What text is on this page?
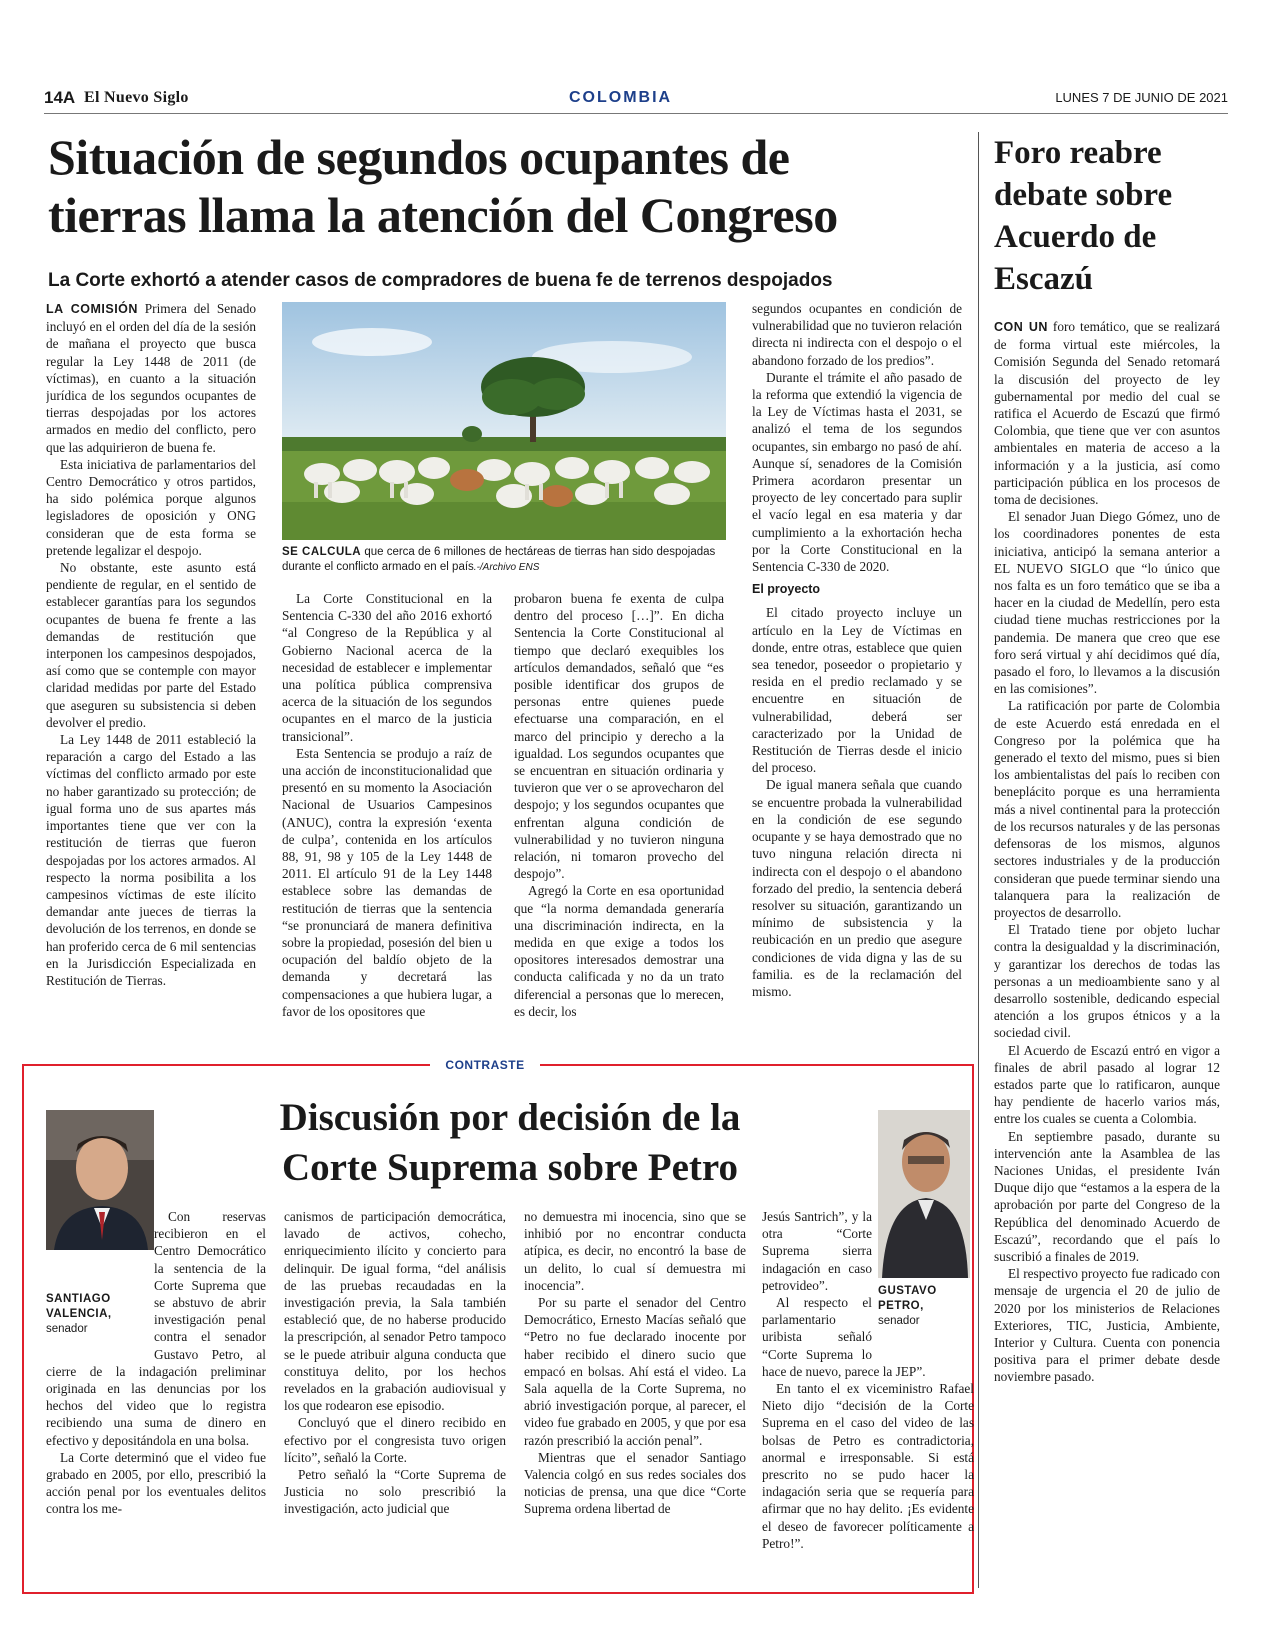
14A El Nuevo Siglo	COLOMBIA	LUNES 7 DE JUNIO DE 2021
Situación de segundos ocupantes de tierras llama la atención del Congreso
La Corte exhortó a atender casos de compradores de buena fe de terrenos despojados

LA COMISIÓN Primera del Senado incluyó en el orden del día de la sesión de mañana el proyecto que busca regular la Ley 1448 de 2011 (de víctimas), en cuanto a la situación jurídica de los segundos ocupantes de tierras despojadas por los actores armados en medio del conflicto, pero que las adquirieron de buena fe.

Esta iniciativa de parlamentarios del Centro Democrático y otros partidos, ha sido polémica porque algunos legisladores de oposición y ONG consideran que de esta forma se pretende legalizar el despojo.

No obstante, este asunto está pendiente de regular, en el sentido de establecer garantías para los segundos ocupantes de buena fe frente a las demandas de restitución que interponen los campesinos despojados, así como que se contemple con mayor claridad medidas por parte del Estado que aseguren su subsistencia si deben devolver el predio.

La Ley 1448 de 2011 estableció la reparación a cargo del Estado a las víctimas del conflicto armado por este no haber garantizado su protección; de igual forma uno de sus apartes más importantes tiene que ver con la restitución de tierras que fueron despojadas por los actores armados. Al respecto la norma posibilita a los campesinos víctimas de este ilícito demandar ante jueces de tierras la devolución de los terrenos, en donde se han proferido cerca de 6 mil sentencias en la Jurisdicción Especializada en Restitución de Tierras.

SE CALCULA que cerca de 6 millones de hectáreas de tierras han sido despojadas durante el conflicto armado en el país.-/Archivo ENS

La Corte Constitucional en la Sentencia C-330 del año 2016 exhortó “al Congreso de la República y al Gobierno Nacional acerca de la necesidad de establecer e implementar una política pública comprensiva acerca de la situación de los segundos ocupantes en el marco de la justicia transicional”.

Esta Sentencia se produjo a raíz de una acción de inconstitucionalidad que presentó en su momento la Asociación Nacional de Usuarios Campesinos (ANUC), contra la expresión ‘exenta de culpa’, contenida en los artículos 88, 91, 98 y 105 de la Ley 1448 de 2011. El artículo 91 de la Ley 1448 establece sobre las demandas de restitución de tierras que la sentencia “se pronunciará de manera definitiva sobre la propiedad, posesión del bien u ocupación del baldío objeto de la demanda y decretará las compensaciones a que hubiera lugar, a favor de los opositores que

probaron buena fe exenta de culpa dentro del proceso […]”. En dicha Sentencia la Corte Constitucional al tiempo que declaró exequibles los artículos demandados, señaló que “es posible identificar dos grupos de personas entre quienes puede efectuarse una comparación, en el marco del principio y derecho a la igualdad. Los segundos ocupantes que se encuentran en situación ordinaria y tuvieron que ver o se aprovecharon del despojo; y los segundos ocupantes que enfrentan alguna condición de vulnerabilidad y no tuvieron ninguna relación, ni tomaron provecho del despojo”.

Agregó la Corte en esa oportunidad que “la norma demandada generaría una discriminación indirecta, en la medida en que exige a todos los opositores interesados demostrar una conducta calificada y no da un trato diferencial a personas que lo merecen, es decir, los

segundos ocupantes en condición de vulnerabilidad que no tuvieron relación directa ni indirecta con el despojo o el abandono forzado de los predios”.

Durante el trámite el año pasado de la reforma que extendió la vigencia de la Ley de Víctimas hasta el 2031, se analizó el tema de los segundos ocupantes, sin embargo no pasó de ahí. Aunque sí, senadores de la Comisión Primera acordaron presentar un proyecto de ley concertado para suplir el vacío legal en esa materia y dar cumplimiento a la exhortación hecha por la Corte Constitucional en la Sentencia C-330 de 2020.

El proyecto

El citado proyecto incluye un artículo en la Ley de Víctimas en donde, entre otras, establece que quien sea tenedor, poseedor o propietario y resida en el predio reclamado y se encuentre en situación de vulnerabilidad, deberá ser caracterizado por la Unidad de Restitución de Tierras desde el inicio del proceso.

De igual manera señala que cuando se encuentre probada la vulnerabilidad en la condición de ese segundo ocupante y se haya demostrado que no tuvo ninguna relación directa ni indirecta con el despojo o el abandono forzado del predio, la sentencia deberá resolver su situación, garantizando un mínimo de subsistencia y la reubicación en un predio que asegure condiciones de vida digna y las de su familia. es de la reclamación del mismo.

Foro reabre debate sobre Acuerdo de Escazú

CON UN foro temático, que se realizará de forma virtual este miércoles, la Comisión Segunda del Senado retomará la discusión del proyecto de ley gubernamental por medio del cual se ratifica el Acuerdo de Escazú que firmó Colombia, que tiene que ver con asuntos ambientales en materia de acceso a la información y a la justicia, así como participación pública en los procesos de toma de decisiones.

El senador Juan Diego Gómez, uno de los coordinadores ponentes de esta iniciativa, anticipó la semana anterior a EL NUEVO SIGLO que “lo único que nos falta es un foro temático que se iba a hacer en la ciudad de Medellín, pero esta ciudad tiene muchas restricciones por la pandemia. De manera que creo que ese foro será virtual y ahí decidimos qué día, pasado el foro, lo llevamos a la discusión en las comisiones”.

La ratificación por parte de Colombia de este Acuerdo está enredada en el Congreso por la polémica que ha generado el texto del mismo, pues si bien los ambientalistas del país lo reciben con beneplácito porque es una herramienta más a nivel continental para la protección de los recursos naturales y de las personas defensoras de los mismos, algunos sectores industriales y de la producción consideran que puede terminar siendo una talanquera para la realización de proyectos de desarrollo.

El Tratado tiene por objeto luchar contra la desigualdad y la discriminación, y garantizar los derechos de todas las personas a un medioambiente sano y al desarrollo sostenible, dedicando especial atención a los grupos étnicos y a la sociedad civil.

El Acuerdo de Escazú entró en vigor a finales de abril pasado al lograr 12 estados parte que lo ratificaron, aunque hay pendiente de hacerlo varios más, entre los cuales se cuenta a Colombia.

En septiembre pasado, durante su intervención ante la Asamblea de las Naciones Unidas, el presidente Iván Duque dijo que “estamos a la espera de la aprobación por parte del Congreso de la República del denominado Acuerdo de Escazú”, recordando que el país lo suscribió a finales de 2019.

El respectivo proyecto fue radicado con mensaje de urgencia el 20 de julio de 2020 por los ministerios de Relaciones Exteriores, TIC, Justicia, Ambiente, Interior y Cultura. Cuenta con ponencia positiva para el primer debate desde noviembre pasado.

CONTRASTE
Discusión por decisión de la Corte Suprema sobre Petro

SANTIAGO VALENCIA,
senador

GUSTAVO PETRO,
senador

Con reservas recibieron en el Centro Democrático la sentencia de la Corte Suprema que se abstuvo de abrir investigación penal contra el senador Gustavo Petro, al cierre de la indagación preliminar originada en las denuncias por los hechos del video que lo registra recibiendo una suma de dinero en efectivo y depositándola en una bolsa.

La Corte determinó que el video fue grabado en 2005, por ello, prescribió la acción penal por los eventuales delitos contra los me-

canismos de participación democrática, lavado de activos, cohecho, enriquecimiento ilícito y concierto para delinquir. De igual forma, “del análisis de las pruebas recaudadas en la investigación previa, la Sala también estableció que, de no haberse producido la prescripción, al senador Petro tampoco se le puede atribuir alguna conducta que constituya delito, por los hechos revelados en la grabación audiovisual y los que rodearon ese episodio.

Concluyó que el dinero recibido en efectivo por el congresista tuvo origen lícito”, señaló la Corte.

Petro señaló la “Corte Suprema de Justicia no solo prescribió la investigación, acto judicial que

no demuestra mi inocencia, sino que se inhibió por no encontrar conducta atípica, es decir, no encontró la base de un delito, lo cual sí demuestra mi inocencia”.

Por su parte el senador del Centro Democrático, Ernesto Macías señaló que “Petro no fue declarado inocente por haber recibido el dinero sucio que empacó en bolsas. Ahí está el video. La Sala aquella de la Corte Suprema, no abrió investigación porque, al parecer, el video fue grabado en 2005, y que por esa razón prescribió la acción penal”.

Mientras que el senador Santiago Valencia colgó en sus redes sociales dos noticias de prensa, una que dice “Corte Suprema ordena libertad de

Jesús Santrich”, y la otra “Corte Suprema sierra indagación en caso petrovideo”.

Al respecto el parlamentario uribista señaló “Corte Suprema lo hace de nuevo, parece la JEP”.

En tanto el ex viceministro Rafael Nieto dijo “decisión de la Corte Suprema en el caso del video de las bolsas de Petro es contradictoria, anormal e irresponsable. Si está prescrito no se pudo hacer la indagación seria que se requería para afirmar que no hay delito. ¡Es evidente el deseo de favorecer políticamente a Petro!”.
